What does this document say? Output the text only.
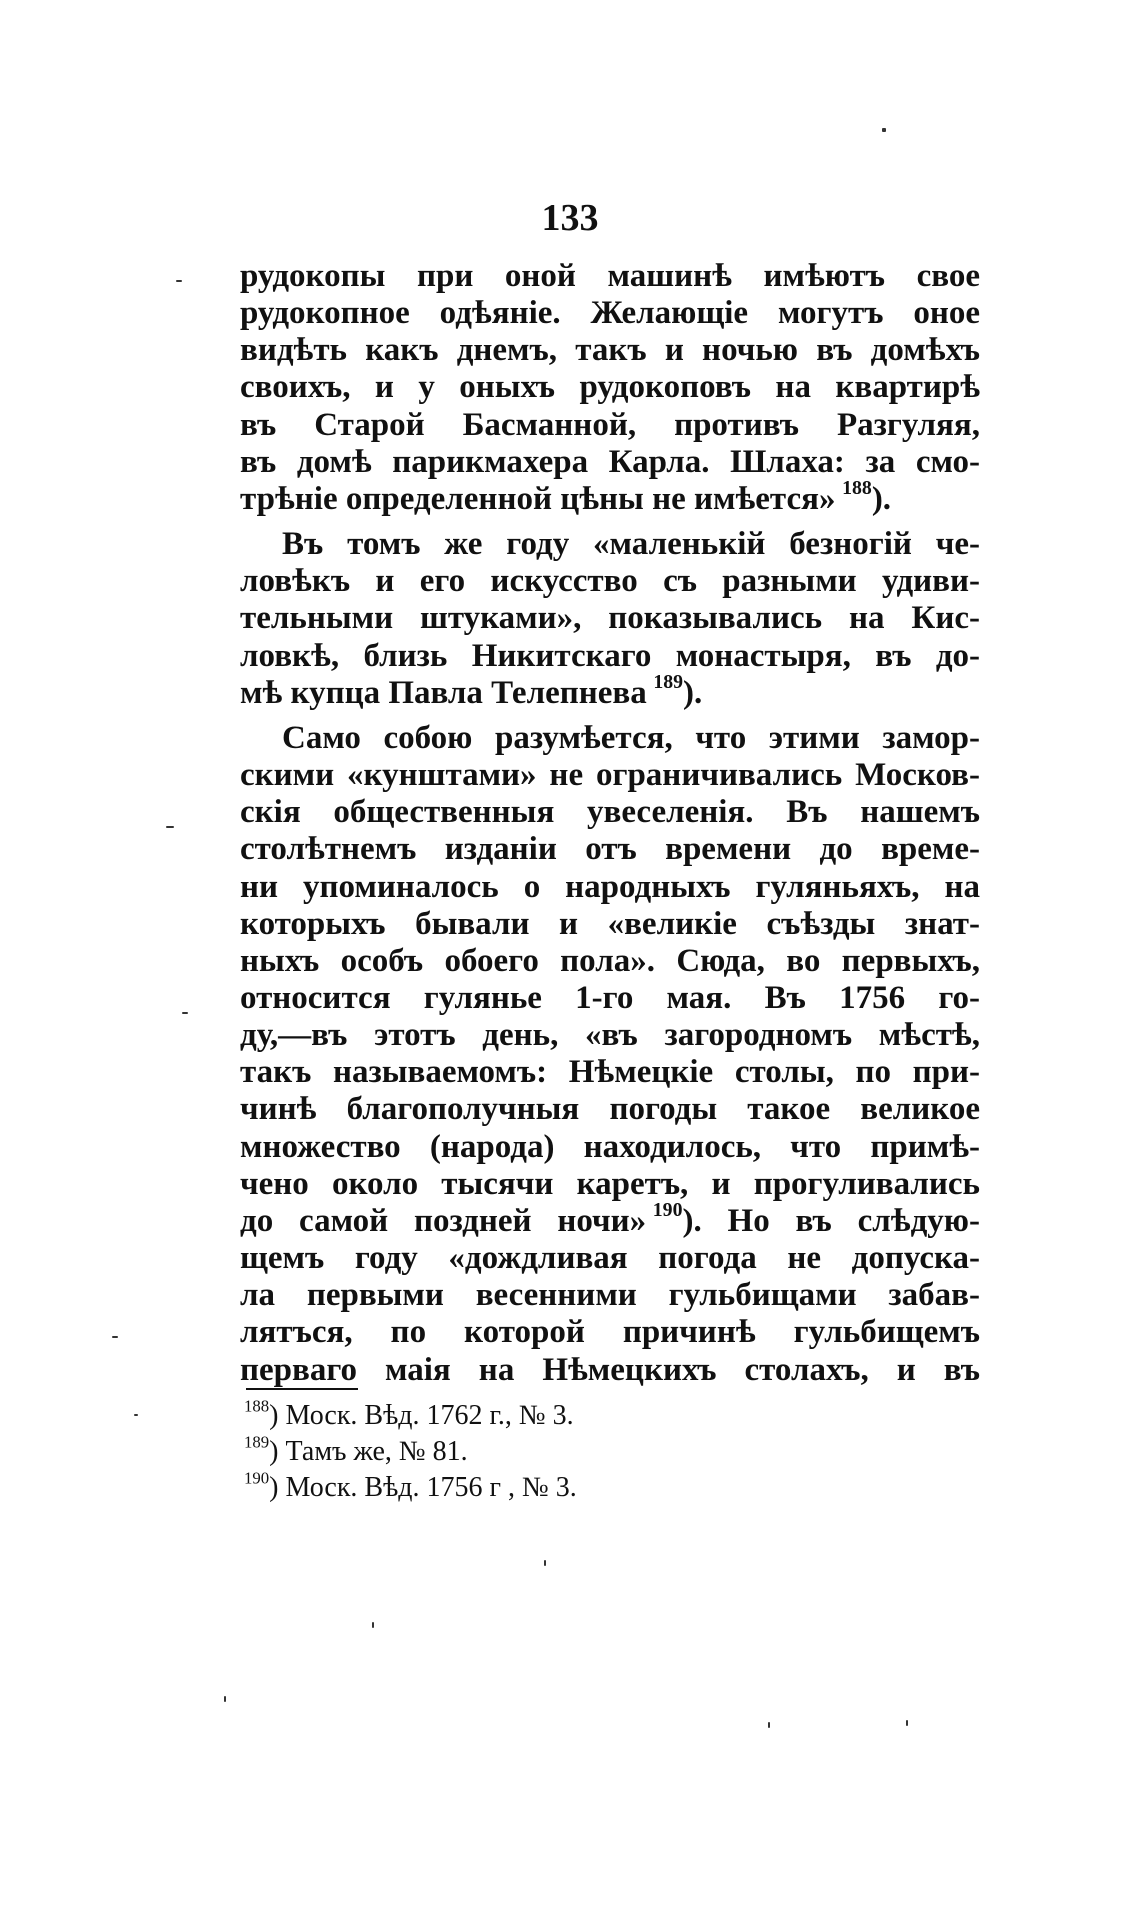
133
рудокопы при оной машинѣ имѣютъ свое
рудокопное одѣяніе. Желающіе могутъ оное
видѣть какъ днемъ, такъ и ночью въ домѣхъ
своихъ, и у оныхъ рудокоповъ на квартирѣ
въ Старой Басманной, противъ Разгуляя,
въ домѣ парикмахера Карла. Шлаха: за смо-
трѣніе определенной цѣны не имѣется»  $^{188}$).
Въ томъ же году «маленькій безногій че-
ловѣкъ и его искусство съ разными удиви-
тельными штуками», показывались на Кис-
ловкѣ, близь Никитскаго монастыря, въ до-
мѣ купца Павла Телепнева  $^{189}$).
Само собою разумѣется, что этими замор-
скими «кунштами» не ограничивались Москов-
скія общественныя увеселенія. Въ нашемъ
столѣтнемъ изданіи отъ времени до време-
ни упоминалось о народныхъ гуляньяхъ, на
которыхъ бывали и «великіе съѣзды знат-
ныхъ особъ обоего пола». Сюда, во первыхъ,
относится гулянье 1-го мая. Въ 1756 го-
ду,—въ этотъ день, «въ загородномъ мѣстѣ,
такъ называемомъ: Нѣмецкіе столы, по при-
чинѣ благополучныя погоды такое великое
множество (народа) находилось, что примѣ-
чено около тысячи каретъ, и прогуливались
до самой поздней ночи»  $^{190}$). Но въ слѣдую-
щемъ году «дождливая погода не допуска-
ла первыми весенними гульбищами забав-
лятъся, по которой причинѣ гульбищемъ
перваго маія на Нѣмецкихъ столахъ, и въ
$^{188}$) Моск. Вѣд. 1762 г., № 3.
$^{189}$) Тамъ же, № 81.
$^{190}$) Моск. Вѣд. 1756 г , № 3.
